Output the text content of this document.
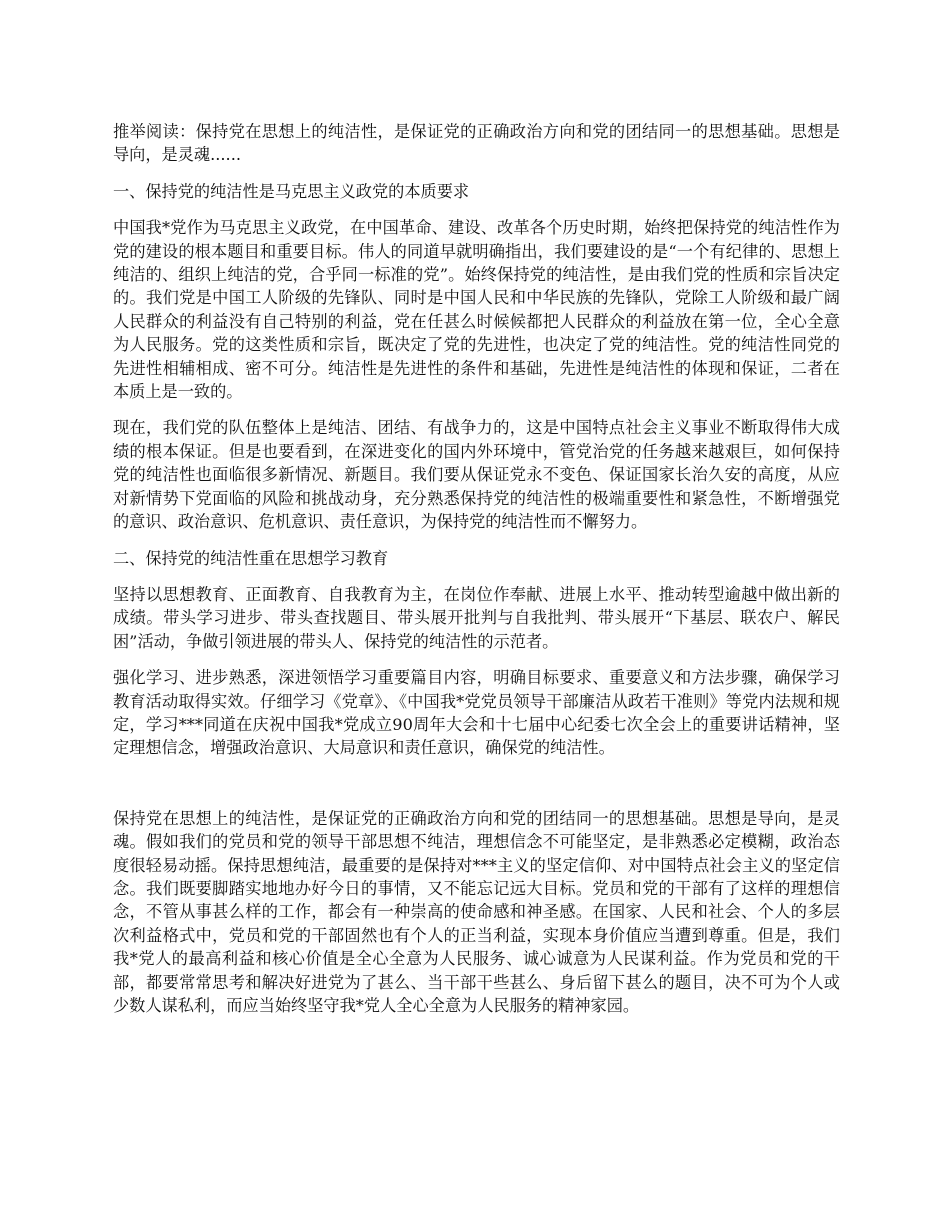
推举阅读：保持党在思想上的纯洁性，是保证党的正确政治方向和党的团结同一的思想基础。思想是导向，是灵魂......

一、保持党的纯洁性是马克思主义政党的本质要求

中国我*党作为马克思主义政党，在中国革命、建设、改革各个历史时期，始终把保持党的纯洁性作为党的建设的根本题目和重要目标。伟人的同道早就明确指出，我们要建设的是“一个有纪律的、思想上纯洁的、组织上纯洁的党，合乎同一标准的党”。始终保持党的纯洁性，是由我们党的性质和宗旨决定的。我们党是中国工人阶级的先锋队、同时是中国人民和中华民族的先锋队，党除工人阶级和最广阔人民群众的利益没有自己特别的利益，党在任甚么时候候都把人民群众的利益放在第一位，全心全意为人民服务。党的这类性质和宗旨，既决定了党的先进性，也决定了党的纯洁性。党的纯洁性同党的先进性相辅相成、密不可分。纯洁性是先进性的条件和基础，先进性是纯洁性的体现和保证，二者在本质上是一致的。

现在，我们党的队伍整体上是纯洁、团结、有战争力的，这是中国特点社会主义事业不断取得伟大成绩的根本保证。但是也要看到，在深进变化的国内外环境中，管党治党的任务越来越艰巨，如何保持党的纯洁性也面临很多新情况、新题目。我们要从保证党永不变色、保证国家长治久安的高度，从应对新情势下党面临的风险和挑战动身，充分熟悉保持党的纯洁性的极端重要性和紧急性，不断增强党的意识、政治意识、危机意识、责任意识，为保持党的纯洁性而不懈努力。

二、保持党的纯洁性重在思想学习教育

坚持以思想教育、正面教育、自我教育为主，在岗位作奉献、进展上水平、推动转型逾越中做出新的成绩。带头学习进步、带头查找题目、带头展开批判与自我批判、带头展开“下基层、联农户、解民困”活动，争做引领进展的带头人、保持党的纯洁性的示范者。

强化学习、进步熟悉，深进领悟学习重要篇目内容，明确目标要求、重要意义和方法步骤，确保学习教育活动取得实效。仔细学习《党章》、《中国我*党党员领导干部廉洁从政若干准则》等党内法规和规定，学习***同道在庆祝中国我*党成立90周年大会和十七届中心纪委七次全会上的重要讲话精神，坚定理想信念，增强政治意识、大局意识和责任意识，确保党的纯洁性。

保持党在思想上的纯洁性，是保证党的正确政治方向和党的团结同一的思想基础。思想是导向，是灵魂。假如我们的党员和党的领导干部思想不纯洁，理想信念不可能坚定，是非熟悉必定模糊，政治态度很轻易动摇。保持思想纯洁，最重要的是保持对***主义的坚定信仰、对中国特点社会主义的坚定信念。我们既要脚踏实地地办好今日的事情，又不能忘记远大目标。党员和党的干部有了这样的理想信念，不管从事甚么样的工作，都会有一种崇高的使命感和神圣感。在国家、人民和社会、个人的多层次利益格式中，党员和党的干部固然也有个人的正当利益，实现本身价值应当遭到尊重。但是，我们我*党人的最高利益和核心价值是全心全意为人民服务、诚心诚意为人民谋利益。作为党员和党的干部，都要常常思考和解决好进党为了甚么、当干部干些甚么、身后留下甚么的题目，决不可为个人或少数人谋私利，而应当始终坚守我*党人全心全意为人民服务的精神家园。
